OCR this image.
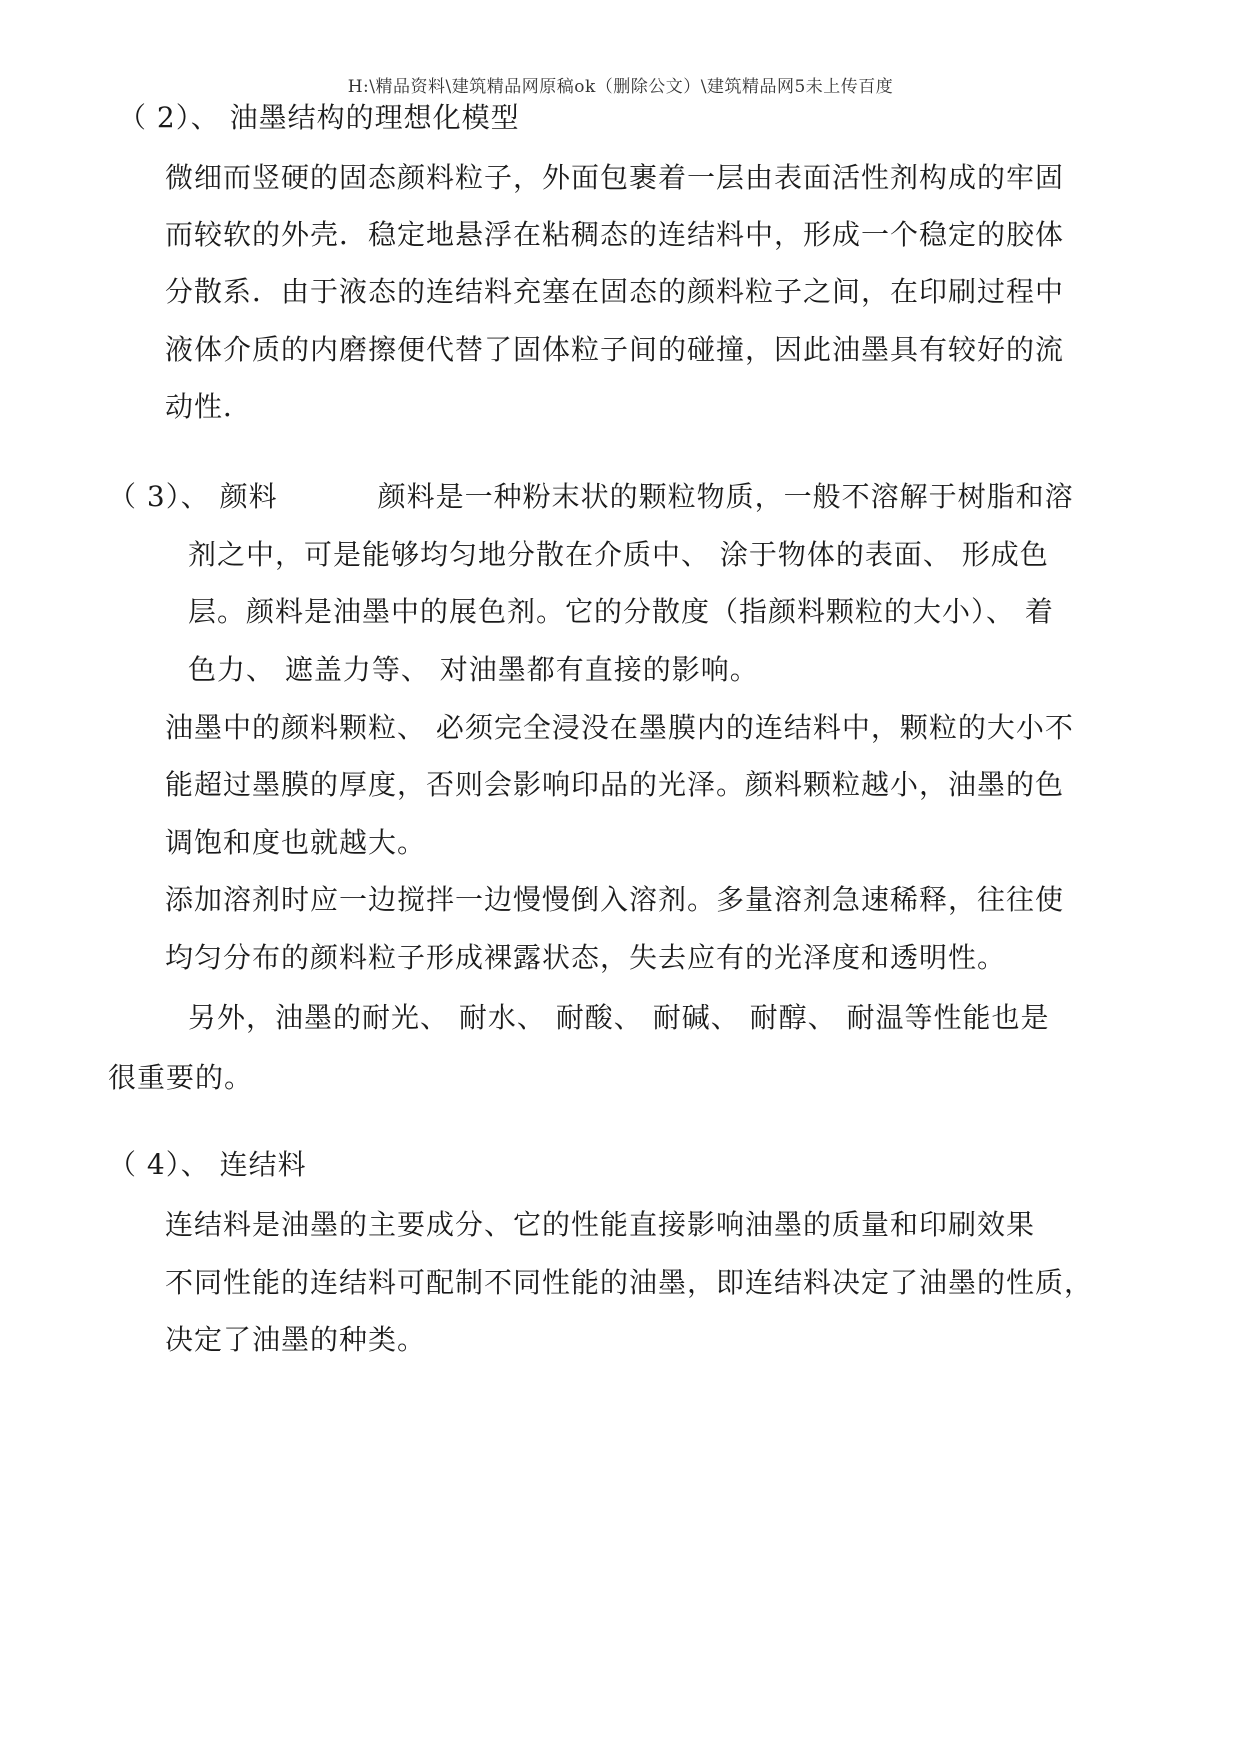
H:\精品资料\建筑精品网原稿ok（删除公文）\建筑精品网5未上传百度
（ 2）、 油墨结构的理想化模型
微细而竖硬的固态颜料粒子，外面包裹着一层由表面活性剂构成的牢固
而较软的外壳．稳定地悬浮在粘稠态的连结料中，形成一个稳定的胶体
分散系．由于液态的连结料充塞在固态的颜料粒子之间，在印刷过程中
液体介质的内磨擦便代替了固体粒子间的碰撞，因此油墨具有较好的流
动性．
（ 3）、 颜料	颜料是一种粉末状的颗粒物质，一般不溶解于树脂和溶
剂之中，可是能够均匀地分散在介质中、 涂于物体的表面、 形成色
层。颜料是油墨中的展色剂。它的分散度（指颜料颗粒的大小）、 着
色力、 遮盖力等、 对油墨都有直接的影响。
油墨中的颜料颗粒、 必须完全浸没在墨膜内的连结料中，颗粒的大小不
能超过墨膜的厚度，否则会影响印品的光泽。颜料颗粒越小，油墨的色
调饱和度也就越大。
添加溶剂时应一边搅拌一边慢慢倒入溶剂。多量溶剂急速稀释，往往使
均匀分布的颜料粒子形成裸露状态，失去应有的光泽度和透明性。
另外，油墨的耐光、 耐水、 耐酸、 耐碱、 耐醇、 耐温等性能也是
很重要的。
（ 4）、 连结料
连结料是油墨的主要成分、它的性能直接影响油墨的质量和印刷效果
不同性能的连结料可配制不同性能的油墨，即连结料决定了油墨的性质，
决定了油墨的种类。
